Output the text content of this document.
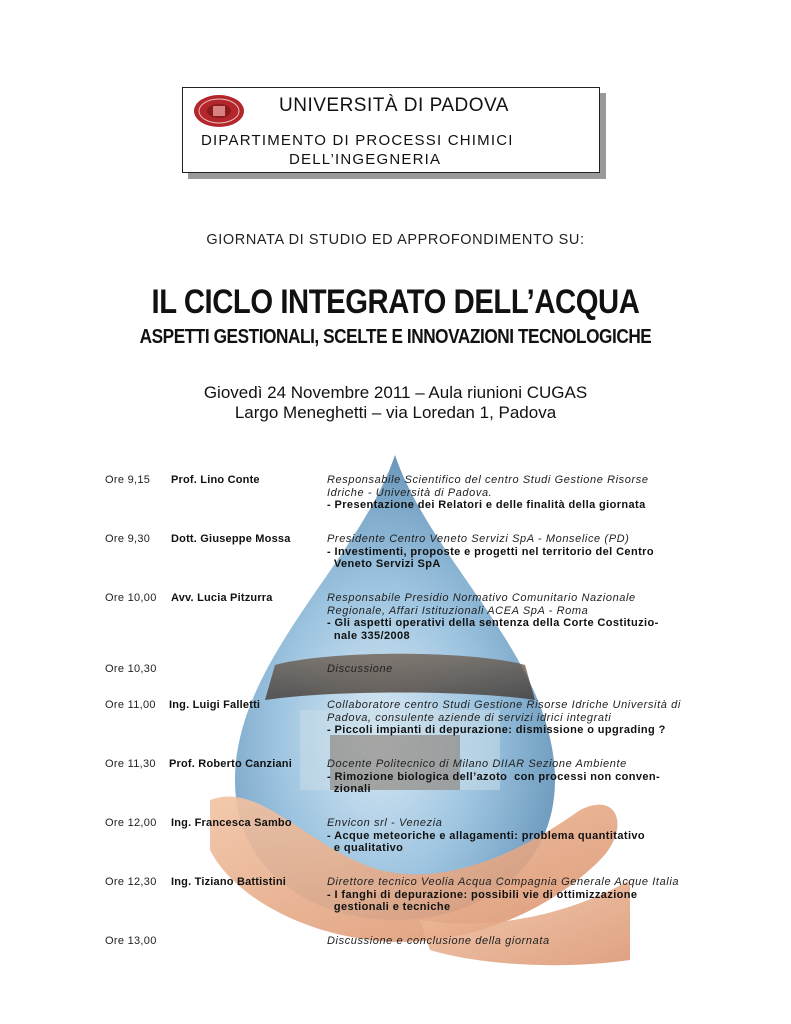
UNIVERSITÀ DI PADOVA
DIPARTIMENTO DI PROCESSI CHIMICI
DELL’INGEGNERIA
GIORNATA DI STUDIO ED APPROFONDIMENTO SU:
IL CICLO INTEGRATO DELL’ACQUA
ASPETTI GESTIONALI, SCELTE E INNOVAZIONI TECNOLOGICHE
Giovedì 24 Novembre 2011 – Aula riunioni CUGAS
Largo Meneghetti – via Loredan 1, Padova
Ore 9,15 Prof. Lino Conte	Responsabile Scientifico del centro Studi Gestione Risorse
Idriche - Università di Padova.
- Presentazione dei Relatori e delle finalità della giornata
Ore 9,30 Dott. Giuseppe Mossa	Presidente Centro Veneto Servizi SpA - Monselice (PD)
- Investimenti, proposte e progetti nel territorio del Centro
Veneto Servizi SpA
Ore 10,00 Avv. Lucia Pitzurra	Responsabile Presidio Normativo Comunitario Nazionale
Regionale, Affari Istituzionali ACEA SpA - Roma
- Gli aspetti operativi della sentenza della Corte Costituzio-
nale 335/2008
Ore 10,30	Discussione
Ore 11,00 Ing. Luigi Falletti	Collaboratore centro Studi Gestione Risorse Idriche Università di
Padova, consulente aziende di servizi idrici integrati
- Piccoli impianti di depurazione: dismissione o upgrading ?
Ore 11,30 Prof. Roberto Canziani	Docente Politecnico di Milano DIIAR Sezione Ambiente
- Rimozione biologica dell’azoto  con processi non conven-
zionali
Ore 12,00 Ing. Francesca Sambo	Envicon srl - Venezia
- Acque meteoriche e allagamenti: problema quantitativo
e qualitativo
Ore 12,30 Ing. Tiziano Battistini	Direttore tecnico Veolia Acqua Compagnia Generale Acque Italia
- I fanghi di depurazione: possibili vie di ottimizzazione
gestionali e tecniche
Ore 13,00	Discussione e conclusione della giornata
